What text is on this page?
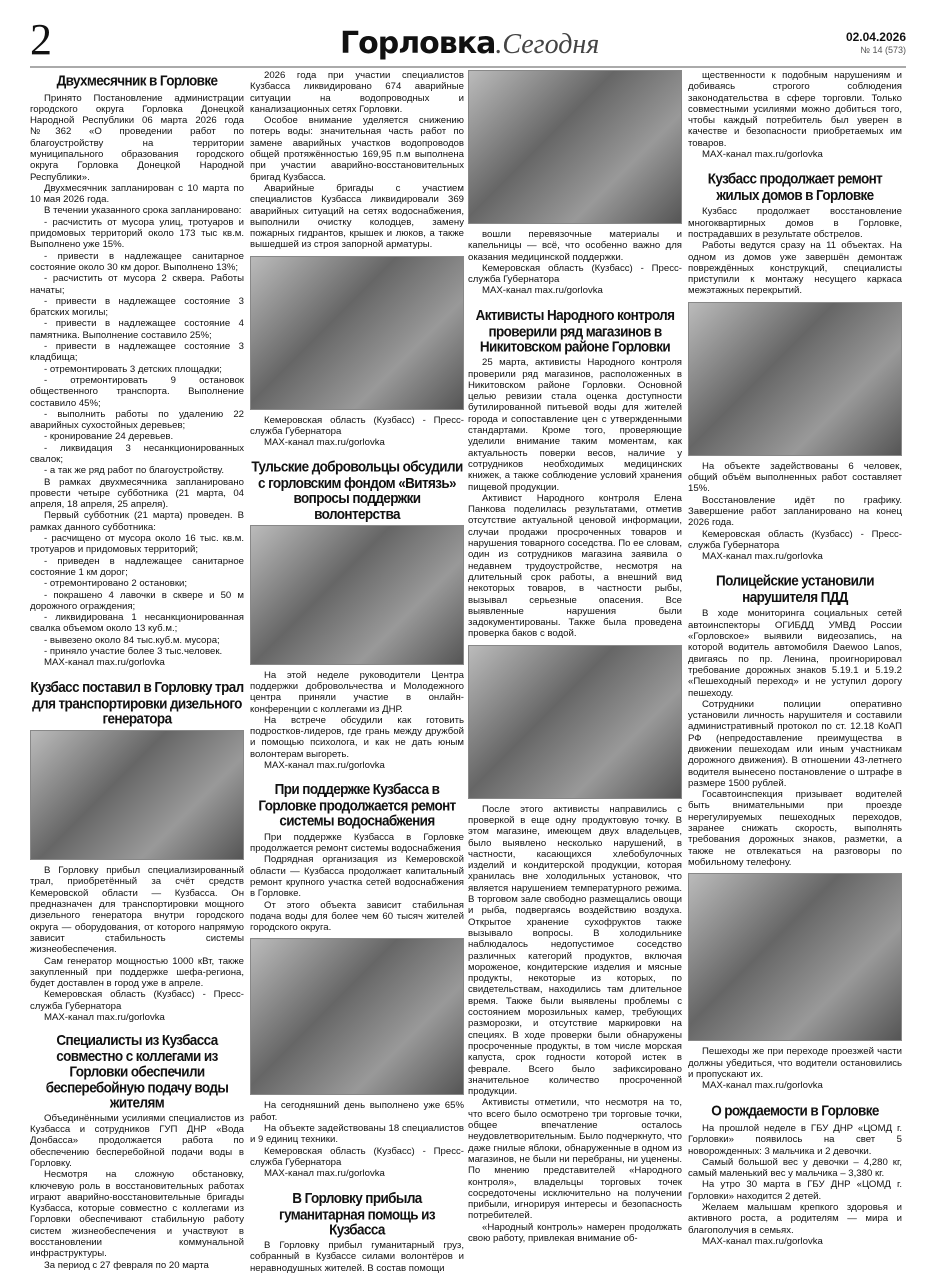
2	Горловка.Сегодня	02.04.2026
№ 14 (573)
Двухмесячник в Горловке

Принято Постановление администрации городского округа Горловка Донецкой Народной Республики 06 марта 2026 года №362 «О проведении работ по благоустройству на территории муниципального образования городского округа Горловка Донецкой Народной Республики».

Двухмесячник запланирован с 10 марта по 10 мая 2026 года.

В течении указанного срока запланировано:

- расчистить от мусора улиц, тротуаров и придомовых территорий около 173 тыс кв.м. Выполнено уже 15%.

- привести в надлежащее санитарное состояние около 30 км дорог. Выполнено 13%;

- расчистить от мусора 2 сквера. Работы начаты;

- привести в надлежащее состояние 3 братских могилы;

- привести в надлежащее состояние 4 памятника. Выполнение составило 25%;

- привести в надлежащее состояние 3 кладбища;

- отремонтировать 3 детских площадки;

- отремонтировать 9 остановок общественного транспорта. Выполнение составило 45%;

- выполнить работы по удалению 22 аварийных сухостойных деревьев;

- кронирование 24 деревьев.

- ликвидация 3 несанкционированных свалок;

- а так же ряд работ по благоустройству.

В рамках двухмесячника запланировано провести четыре субботника (21 марта, 04 апреля, 18 апреля, 25 апреля).

Первый субботник (21 марта) проведен. В рамках данного субботника:

- расчищено от мусора около 16 тыс. кв.м. тротуаров и придомовых территорий;

- приведен в надлежащее санитарное состояние 1 км дорог;

- отремонтировано 2 остановки;

- покрашено 4 лавочки в сквере и 50 м дорожного ограждения;

- ликвидирована 1 несанкционированная свалка объемом около 13 куб.м.;

- вывезено около 84 тыс.куб.м. мусора;

- приняло участие более 3 тыс.человек.

МАХ-канал max.ru/gorlovka

Кузбасс поставил в Горловку трал для транспортировки дизельного генератора

В Горловку прибыл специализированный трал, приобретённый за счёт средств Кемеровской области — Кузбасса. Он предназначен для транспортировки мощного дизельного генератора внутри городского округа — оборудования, от которого напрямую зависит стабильность системы жизнеобеспечения.

Сам генератор мощностью 1000 кВт, также закупленный при поддержке шефа-региона, будет доставлен в город уже в апреле.

Кемеровская область (Кузбасс) - Пресс-служба Губернатора

МАХ-канал max.ru/gorlovka

Специалисты из Кузбасса совместно с коллегами из Горловки обеспечили бесперебойную подачу воды жителям

Объединёнными усилиями специалистов из Кузбасса и сотрудников ГУП ДНР «Вода Донбасса» продолжается работа по обеспечению бесперебойной подачи воды в Горловку.

Несмотря на сложную обстановку, ключевую роль в восстановительных работах играют аварийно-восстановительные бригады Кузбасса, которые совместно с коллегами из Горловки обеспечивают стабильную работу систем жизнеобеспечения и участвуют в восстановлении коммунальной инфраструктуры.

За период с 27 февраля по 20 марта

2026 года при участии специалистов Кузбасса ликвидировано 674 аварийные ситуации на водопроводных и канализационных сетях Горловки.

Особое внимание уделяется снижению потерь воды: значительная часть работ по замене аварийных участков водопроводов общей протяжённостью 169,95 п.м выполнена при участии аварийно-восстановительных бригад Кузбасса.

Аварийные бригады с участием специалистов Кузбасса ликвидировали 369 аварийных ситуаций на сетях водоснабжения, выполнили очистку колодцев, замену пожарных гидрантов, крышек и люков, а также вышедшей из строя запорной арматуры.

Кемеровская область (Кузбасс) - Пресс-служба Губернатора

МАХ-канал max.ru/gorlovka

Тульские добровольцы обсудили с горловским фондом «Витязь» вопросы поддержки волонтерства

На этой неделе руководители Центра поддержки добровольчества и Молодежного центра приняли участие в онлайн-конференции с коллегами из ДНР.

На встрече обсудили как готовить подростков-лидеров, где грань между дружбой и помощью психолога, и как не дать юным волонтерам выгореть.

МАХ-канал max.ru/gorlovka

При поддержке Кузбасса в Горловке продолжается ремонт системы водоснабжения

При поддержке Кузбасса в Горловке продолжается ремонт системы водоснабжения

Подрядная организация из Кемеровской области — Кузбасса продолжает капитальный ремонт крупного участка сетей водоснабжения в Горловке.

От этого объекта зависит стабильная подача воды для более чем 60 тысяч жителей городского округа.

На сегодняшний день выполнено уже 65% работ.

На объекте задействованы 18 специалистов и 9 единиц техники.

Кемеровская область (Кузбасс) - Пресс-служба Губернатора

МАХ-канал max.ru/gorlovka

В Горловку прибыла гуманитарная помощь из Кузбасса

В Горловку прибыл гуманитарный груз, собранный в Кузбассе силами волонтёров и неравнодушных жителей. В состав помощи

вошли перевязочные материалы и капельницы — всё, что особенно важно для оказания медицинской поддержки.

Кемеровская область (Кузбасс) - Пресс-служба Губернатора

МАХ-канал max.ru/gorlovka

Активисты Народного контроля проверили ряд магазинов в Никитовском районе Горловки

25 марта, активисты Народного контроля проверили ряд магазинов, расположенных в Никитовском районе Горловки. Основной целью ревизии стала оценка доступности бутилированной питьевой воды для жителей города и сопоставление цен с утвержденными стандартами. Кроме того, проверяющие уделили внимание таким моментам, как актуальность поверки весов, наличие у сотрудников необходимых медицинских книжек, а также соблюдение условий хранения пищевой продукции.

Активист Народного контроля Елена Панкова поделилась результатами, отметив отсутствие актуальной ценовой информации, случаи продажи просроченных товаров и нарушения товарного соседства. По ее словам, один из сотрудников магазина заявила о недавнем трудоустройстве, несмотря на длительный срок работы, а внешний вид некоторых товаров, в частности рыбы, вызывал серьезные опасения. Все выявленные нарушения были задокументированы. Также была проведена проверка баков с водой.

После этого активисты направились с проверкой в еще одну продуктовую точку. В этом магазине, имеющем двух владельцев, было выявлено несколько нарушений, в частности, касающихся хлебобулочных изделий и кондитерской продукции, которая хранилась вне холодильных установок, что является нарушением температурного режима. В торговом зале свободно размещались овощи и рыба, подвергаясь воздействию воздуха. Открытое хранение сухофруктов также вызывало вопросы. В холодильнике наблюдалось недопустимое соседство различных категорий продуктов, включая мороженое, кондитерские изделия и мясные продукты, некоторые из которых, по свидетельствам, находились там длительное время. Также были выявлены проблемы с состоянием морозильных камер, требующих разморозки, и отсутствие маркировки на специях. В ходе проверки были обнаружены просроченные продукты, в том числе морская капуста, срок годности которой истек в феврале. Всего было зафиксировано значительное количество просроченной продукции.

Активисты отметили, что несмотря на то, что всего было осмотрено три торговые точки, общее впечатление осталось неудовлетворительным. Было подчеркнуто, что даже гнилые яблоки, обнаруженные в одном из магазинов, не были ни перебраны, ни уценены. По мнению представителей «Народного контроля», владельцы торговых точек сосредоточены исключительно на получении прибыли, игнорируя интересы и безопасность потребителей.

«Народный контроль» намерен продолжать свою работу, привлекая внимание об-

щественности к подобным нарушениям и добиваясь строгого соблюдения законодательства в сфере торговли. Только совместными усилиями можно добиться того, чтобы каждый потребитель был уверен в качестве и безопасности приобретаемых им товаров.

МАХ-канал max.ru/gorlovka

Кузбасс продолжает ремонт жилых домов в Горловке

Кузбасс продолжает восстановление многоквартирных домов в Горловке, пострадавших в результате обстрелов.

Работы ведутся сразу на 11 объектах. На одном из домов уже завершён демонтаж повреждённых конструкций, специалисты приступили к монтажу несущего каркаса межэтажных перекрытий.

На объекте задействованы 6 человек, общий объём выполненных работ составляет 15%.

Восстановление идёт по графику. Завершение работ запланировано на конец 2026 года.

Кемеровская область (Кузбасс) - Пресс-служба Губернатора

МАХ-канал max.ru/gorlovka

Полицейские установили нарушителя ПДД

В ходе мониторинга социальных сетей автоинспекторы ОГИБДД УМВД России «Горловское» выявили видеозапись, на которой водитель автомобиля Daewoo Lanos, двигаясь по пр. Ленина, проигнорировал требование дорожных знаков 5.19.1 и 5.19.2 «Пешеходный переход» и не уступил дорогу пешеходу.

Сотрудники полиции оперативно установили личность нарушителя и составили административный протокол по ст. 12.18 КоАП РФ (непредоставление преимущества в движении пешеходам или иным участникам дорожного движения). В отношении 43-летнего водителя вынесено постановление о штрафе в размере 1500 рублей.

Госавтоинспекция призывает водителей быть внимательными при проезде нерегулируемых пешеходных переходов, заранее снижать скорость, выполнять требования дорожных знаков, разметки, а также не отвлекаться на разговоры по мобильному телефону.

Пешеходы же при переходе проезжей части должны убедиться, что водители остановились и пропускают их.

МАХ-канал max.ru/gorlovka

О рождаемости в Горловке

На прошлой неделе в ГБУ ДНР «ЦОМД г. Горловки» появилось на свет 5 новорожденных: 3 мальчика и 2 девочки.

Самый большой вес у девочки – 4,280 кг, самый маленький вес у мальчика – 3,380 кг.

На утро 30 марта в ГБУ ДНР «ЦОМД г. Горловки» находится 2 детей.

Желаем малышам крепкого здоровья и активного роста, а родителям — мира и благополучия в семьях.

МАХ-канал max.ru/gorlovka
